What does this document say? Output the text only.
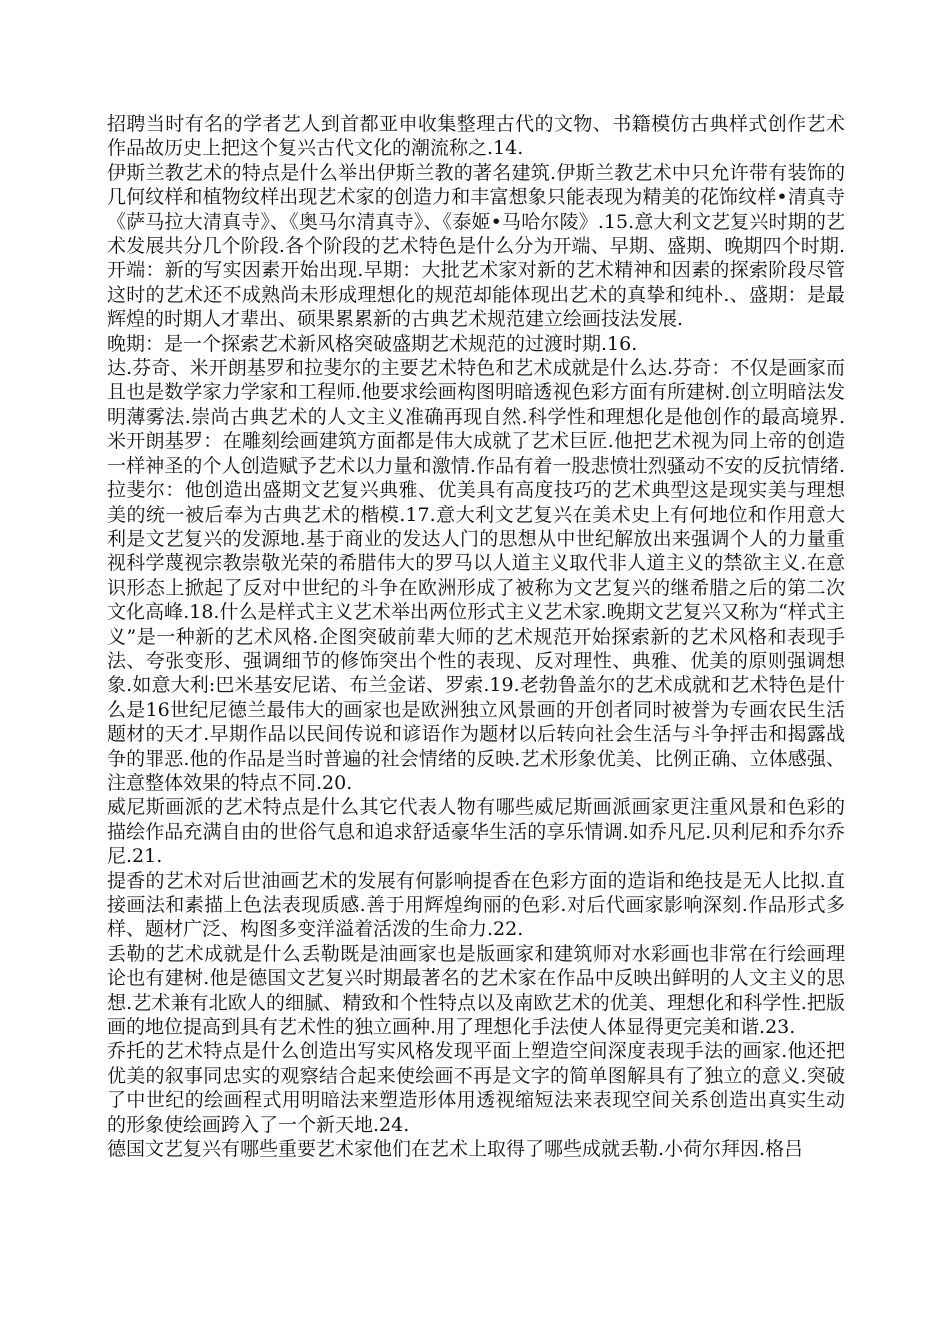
招聘当时有名的学者艺人到首都亚申收集整理古代的文物、书籍模仿古典样式创作艺术作品故历史上把这个复兴古代文化的潮流称之.14.

伊斯兰教艺术的特点是什么举出伊斯兰教的著名建筑.伊斯兰教艺术中只允许带有装饰的几何纹样和植物纹样出现艺术家的创造力和丰富想象只能表现为精美的花饰纹样•清真寺《萨马拉大清真寺》、《奥马尔清真寺》、《泰姬•马哈尔陵》.15.意大利文艺复兴时期的艺术发展共分几个阶段.各个阶段的艺术特色是什么分为开端、早期、盛期、晚期四个时期.开端：新的写实因素开始出现.早期：大批艺术家对新的艺术精神和因素的探索阶段尽管这时的艺术还不成熟尚未形成理想化的规范却能体现出艺术的真挚和纯朴.、盛期：是最辉煌的时期人才辈出、硕果累累新的古典艺术规范建立绘画技法发展.

晚期：是一个探索艺术新风格突破盛期艺术规范的过渡时期.16.

达.芬奇、米开朗基罗和拉斐尔的主要艺术特色和艺术成就是什么达.芬奇：不仅是画家而且也是数学家力学家和工程师.他要求绘画构图明暗透视色彩方面有所建树.创立明暗法发明薄雾法.崇尚古典艺术的人文主义准确再现自然.科学性和理想化是他创作的最高境界.米开朗基罗：在雕刻绘画建筑方面都是伟大成就了艺术巨匠.他把艺术视为同上帝的创造一样神圣的个人创造赋予艺术以力量和激情.作品有着一股悲愤壮烈骚动不安的反抗情绪.拉斐尔：他创造出盛期文艺复兴典雅、优美具有高度技巧的艺术典型这是现实美与理想美的统一被后奉为古典艺术的楷模.17.意大利文艺复兴在美术史上有何地位和作用意大利是文艺复兴的发源地.基于商业的发达人门的思想从中世纪解放出来强调个人的力量重视科学蔑视宗教崇敬光荣的希腊伟大的罗马以人道主义取代非人道主义的禁欲主义.在意识形态上掀起了反对中世纪的斗争在欧洲形成了被称为文艺复兴的继希腊之后的第二次文化高峰.18.什么是样式主义艺术举出两位形式主义艺术家.晚期文艺复兴又称为“样式主义”是一种新的艺术风格.企图突破前辈大师的艺术规范开始探索新的艺术风格和表现手法、夸张变形、强调细节的修饰突出个性的表现、反对理性、典雅、优美的原则强调想象.如意大利:巴米基安尼诺、布兰金诺、罗索.19.老勃鲁盖尔的艺术成就和艺术特色是什么是16世纪尼德兰最伟大的画家也是欧洲独立风景画的开创者同时被誉为专画农民生活题材的天才.早期作品以民间传说和谚语作为题材以后转向社会生活与斗争抨击和揭露战争的罪恶.他的作品是当时普遍的社会情绪的反映.艺术形象优美、比例正确、立体感强、注意整体效果的特点不同.20.

威尼斯画派的艺术特点是什么其它代表人物有哪些威尼斯画派画家更注重风景和色彩的描绘作品充满自由的世俗气息和追求舒适豪华生活的享乐情调.如乔凡尼.贝利尼和乔尔乔尼.21.

提香的艺术对后世油画艺术的发展有何影响提香在色彩方面的造诣和绝技是无人比拟.直接画法和素描上色法表现质感.善于用辉煌绚丽的色彩.对后代画家影响深刻.作品形式多样、题材广泛、构图多变洋溢着活泼的生命力.22.

丢勒的艺术成就是什么丢勒既是油画家也是版画家和建筑师对水彩画也非常在行绘画理论也有建树.他是德国文艺复兴时期最著名的艺术家在作品中反映出鲜明的人文主义的思想.艺术兼有北欧人的细腻、精致和个性特点以及南欧艺术的优美、理想化和科学性.把版画的地位提高到具有艺术性的独立画种.用了理想化手法使人体显得更完美和谐.23.

乔托的艺术特点是什么创造出写实风格发现平面上塑造空间深度表现手法的画家.他还把优美的叙事同忠实的观察结合起来使绘画不再是文字的简单图解具有了独立的意义.突破了中世纪的绘画程式用明暗法来塑造形体用透视缩短法来表现空间关系创造出真实生动的形象使绘画跨入了一个新天地.24.

德国文艺复兴有哪些重要艺术家他们在艺术上取得了哪些成就丢勒.小荷尔拜因.格吕
